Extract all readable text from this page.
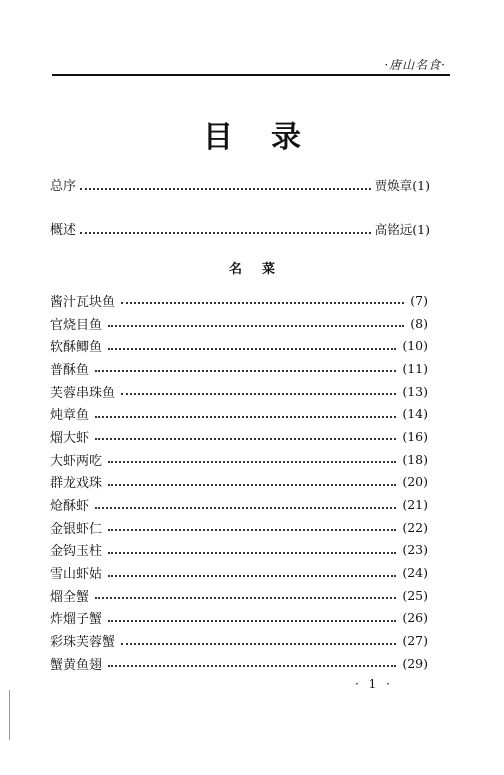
·唐山名食·
目录
总序	贾焕章(1)
概述	高铭远(1)
名菜
酱汁瓦块鱼	(7)
官烧目鱼	(8)
软酥鲫鱼	(10)
普酥鱼	(11)
芙蓉串珠鱼	(13)
炖章鱼	(14)
熘大虾	(16)
大虾两吃	(18)
群龙戏珠	(20)
炝酥虾	(21)
金银虾仁	(22)
金钩玉柱	(23)
雪山虾姑	(24)
熘全蟹	(25)
炸熘子蟹	(26)
彩珠芙蓉蟹	(27)
蟹黄鱼翅	(29)
· 1 ·
